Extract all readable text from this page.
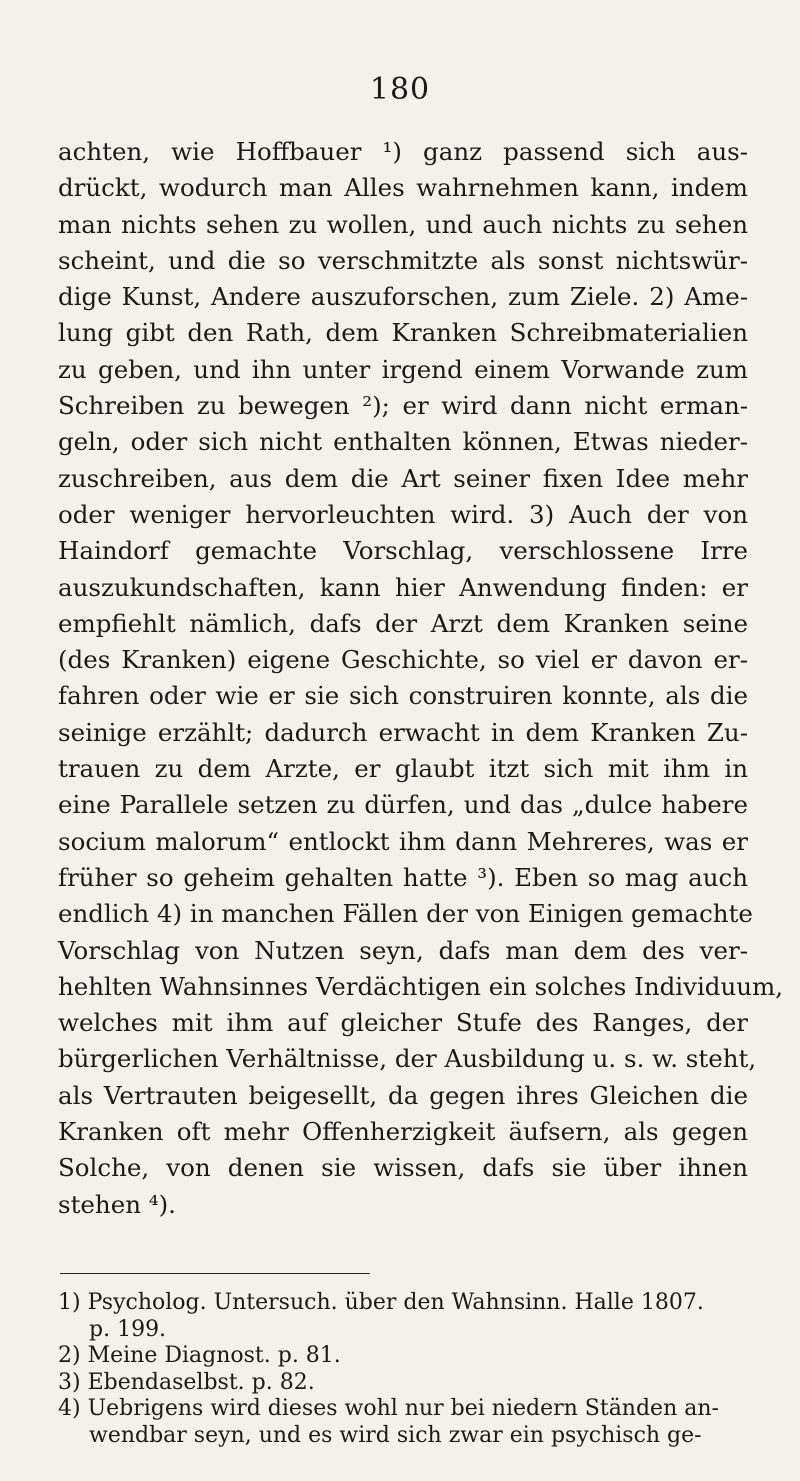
180
achten, wie Hoffbauer ¹) ganz passend sich aus-
drückt, wodurch man Alles wahrnehmen kann, indem
man nichts sehen zu wollen, und auch nichts zu sehen
scheint, und die so verschmitzte als sonst nichtswür-
dige Kunst, Andere auszuforschen, zum Ziele. 2) Ame-
lung gibt den Rath, dem Kranken Schreibmaterialien
zu geben, und ihn unter irgend einem Vorwande zum
Schreiben zu bewegen ²); er wird dann nicht erman-
geln, oder sich nicht enthalten können, Etwas nieder-
zuschreiben, aus dem die Art seiner fixen Idee mehr
oder weniger hervorleuchten wird. 3) Auch der von
Haindorf gemachte Vorschlag, verschlossene Irre
auszukundschaften, kann hier Anwendung finden: er
empfiehlt nämlich, dafs der Arzt dem Kranken seine
(des Kranken) eigene Geschichte, so viel er davon er-
fahren oder wie er sie sich construiren konnte, als die
seinige erzählt; dadurch erwacht in dem Kranken Zu-
trauen zu dem Arzte, er glaubt itzt sich mit ihm in
eine Parallele setzen zu dürfen, und das „dulce habere
socium malorum“ entlockt ihm dann Mehreres, was er
früher so geheim gehalten hatte ³). Eben so mag auch
endlich 4) in manchen Fällen der von Einigen gemachte
Vorschlag von Nutzen seyn, dafs man dem des ver-
hehlten Wahnsinnes Verdächtigen ein solches Individuum,
welches mit ihm auf gleicher Stufe des Ranges, der
bürgerlichen Verhältnisse, der Ausbildung u. s. w. steht,
als Vertrauten beigesellt, da gegen ihres Gleichen die
Kranken oft mehr Offenherzigkeit äufsern, als gegen
Solche, von denen sie wissen, dafs sie über ihnen
stehen ⁴).
1) Psycholog. Untersuch. über den Wahnsinn. Halle 1807.
p. 199.
2) Meine Diagnost. p. 81.
3) Ebendaselbst. p. 82.
4) Uebrigens wird dieses wohl nur bei niedern Ständen an-
wendbar seyn, und es wird sich zwar ein psychisch ge-
